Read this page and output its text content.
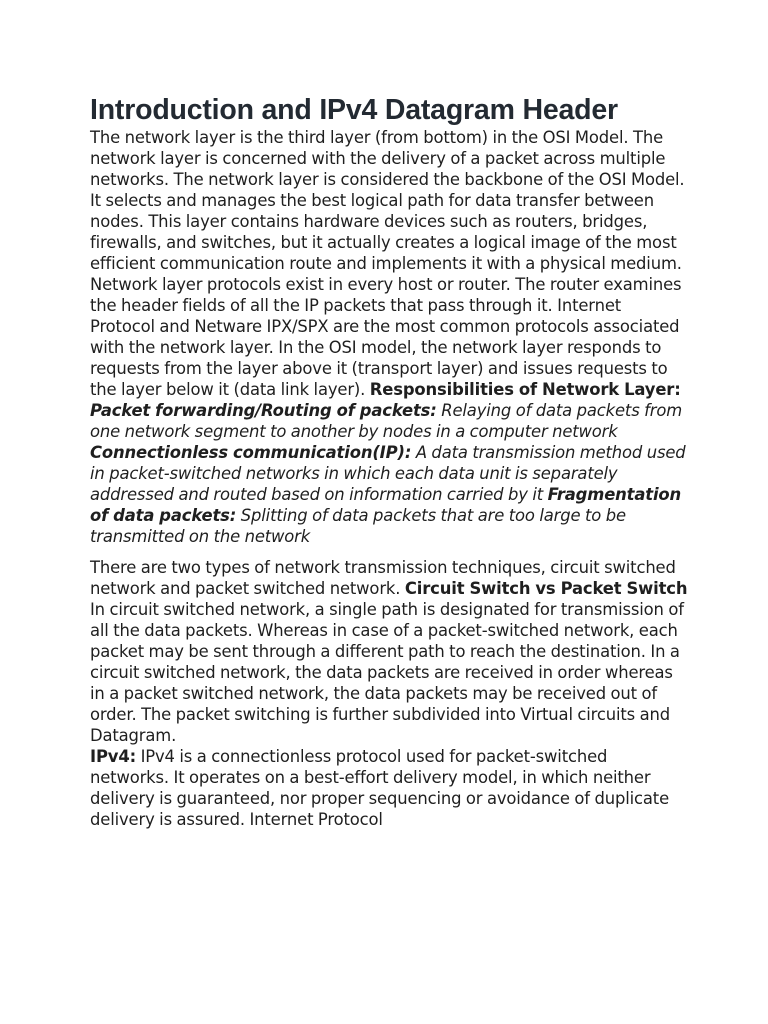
Introduction and IPv4 Datagram Header

The network layer is the third layer (from bottom) in the OSI Model. The network layer is concerned with the delivery of a packet across multiple networks. The network layer is considered the backbone of the OSI Model. It selects and manages the best logical path for data transfer between nodes. This layer contains hardware devices such as routers, bridges, firewalls, and switches, but it actually creates a logical image of the most efficient communication route and implements it with a physical medium. Network layer protocols exist in every host or router. The router examines the header fields of all the IP packets that pass through it. Internet Protocol and Netware IPX/SPX are the most common protocols associated with the network layer. In the OSI model, the network layer responds to requests from the layer above it (transport layer) and issues requests to the layer below it (data link layer). Responsibilities of Network Layer: Packet forwarding/Routing of packets: Relaying of data packets from one network segment to another by nodes in a computer network Connectionless communication(IP): A data transmission method used in packet-switched networks in which each data unit is separately addressed and routed based on information carried by it Fragmentation of data packets: Splitting of data packets that are too large to be transmitted on the network

There are two types of network transmission techniques, circuit switched network and packet switched network. Circuit Switch vs Packet Switch In circuit switched network, a single path is designated for transmission of all the data packets. Whereas in case of a packet-switched network, each packet may be sent through a different path to reach the destination. In a circuit switched network, the data packets are received in order whereas in a packet switched network, the data packets may be received out of order. The packet switching is further subdivided into Virtual circuits and Datagram.

IPv4: IPv4 is a connectionless protocol used for packet-switched networks. It operates on a best-effort delivery model, in which neither delivery is guaranteed, nor proper sequencing or avoidance of duplicate delivery is assured. Internet Protocol
